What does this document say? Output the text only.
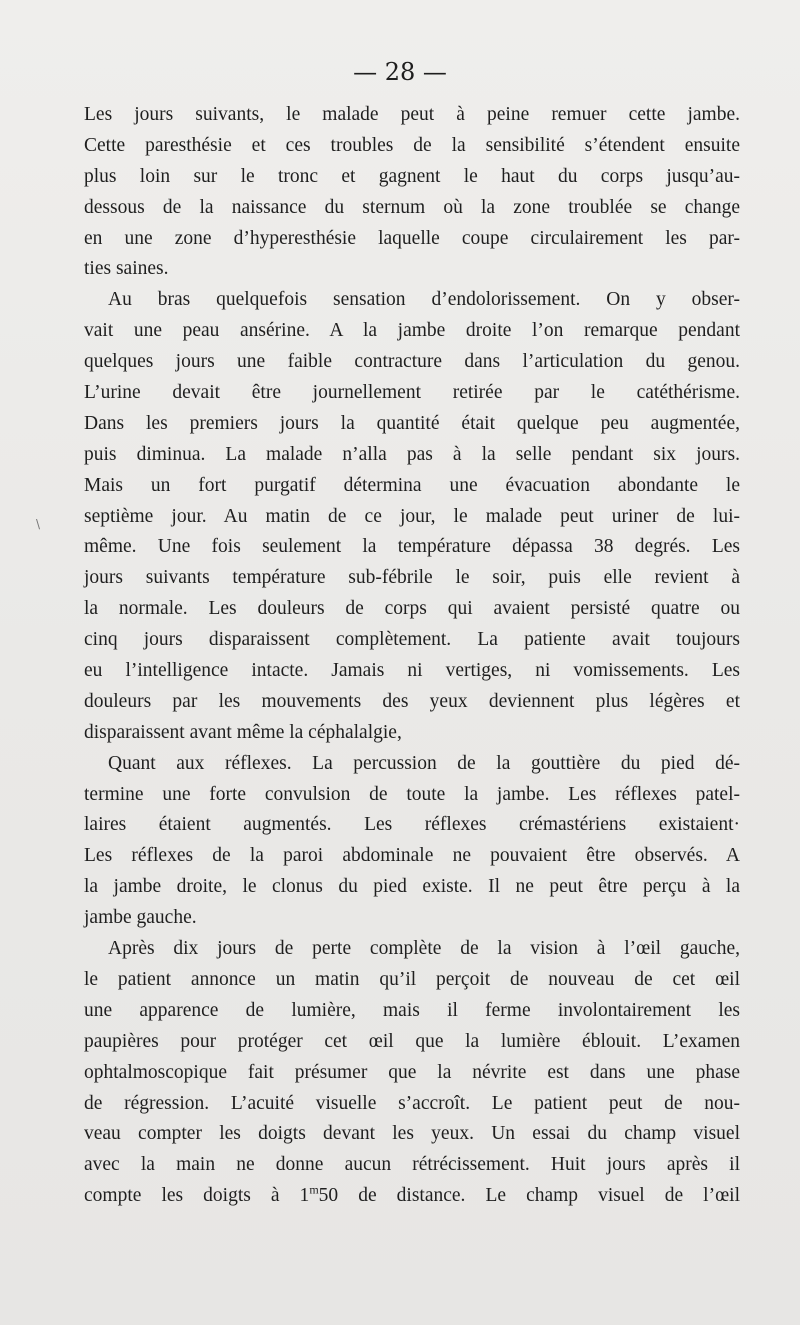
— 28 —
\
Les jours suivants, le malade peut à peine remuer cette jambe.
Cette paresthésie et ces troubles de la sensibilité s’étendent ensuite
plus loin sur le tronc et gagnent le haut du corps jusqu’au-
dessous de la naissance du sternum où la zone troublée se change
en une zone d’hyperesthésie laquelle coupe circulairement les par-
ties saines.
Au bras quelquefois sensation d’endolorissement. On y obser-
vait une peau ansérine. A la jambe droite l’on remarque pendant
quelques jours une faible contracture dans l’articulation du genou.
L’urine devait être journellement retirée par le catéthérisme.
Dans les premiers jours la quantité était quelque peu augmentée,
puis diminua. La malade n’alla pas à la selle pendant six jours.
Mais un fort purgatif détermina une évacuation abondante le
septième jour. Au matin de ce jour, le malade peut uriner de lui-
même. Une fois seulement la température dépassa 38 degrés. Les
jours suivants température sub-fébrile le soir, puis elle revient à
la normale. Les douleurs de corps qui avaient persisté quatre ou
cinq jours disparaissent complètement. La patiente avait toujours
eu l’intelligence intacte. Jamais ni vertiges, ni vomissements. Les
douleurs par les mouvements des yeux deviennent plus légères et
disparaissent avant même la céphalalgie,
Quant aux réflexes. La percussion de la gouttière du pied dé-
termine une forte convulsion de toute la jambe. Les réflexes patel-
laires étaient augmentés. Les réflexes crémastériens existaient·
Les réflexes de la paroi abdominale ne pouvaient être observés. A
la jambe droite, le clonus du pied existe. Il ne peut être perçu à la
jambe gauche.
Après dix jours de perte complète de la vision à l’œil gauche,
le patient annonce un matin qu’il perçoit de nouveau de cet œil
une apparence de lumière, mais il ferme involontairement les
paupières pour protéger cet œil que la lumière éblouit. L’examen
ophtalmoscopique fait présumer que la névrite est dans une phase
de régression. L’acuité visuelle s’accroît. Le patient peut de nou-
veau compter les doigts devant les yeux. Un essai du champ visuel
avec la main ne donne aucun rétrécissement. Huit jours après il
compte les doigts à 1$^m$50 de distance. Le champ visuel de l’œil
